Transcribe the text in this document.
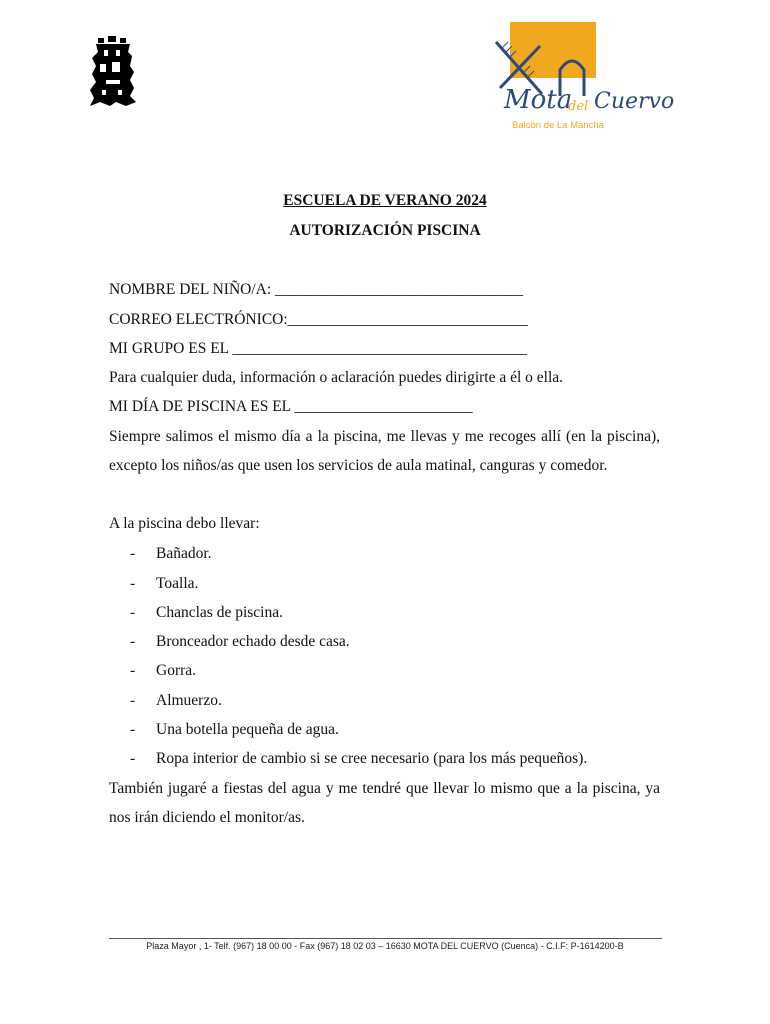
Mota
del Cuervo
Balcón de La Mancha
ESCUELA DE VERANO 2024
AUTORIZACIÓN PISCINA
NOMBRE DEL NIÑO/A: ________________________________
CORREO ELECTRÓNICO:_______________________________
MI GRUPO ES EL ______________________________________
Para cualquier duda, información o aclaración puedes dirigirte a él o ella.
MI DÍA DE PISCINA ES EL _______________________
Siempre salimos el mismo día a la piscina, me llevas y me recoges allí (en la piscina), excepto los niños/as que usen los servicios de aula matinal, canguras y comedor.
A la piscina debo llevar:
- Bañador.
- Toalla.
- Chanclas de piscina.
- Bronceador echado desde casa.
- Gorra.
- Almuerzo.
- Una botella pequeña de agua.
- Ropa interior de cambio si se cree necesario (para los más pequeños).
También jugaré a fiestas del agua y me tendré que llevar lo mismo que a la piscina, ya nos irán diciendo el monitor/as.
Plaza Mayor , 1- Telf. (967) 18 00 00 - Fax (967) 18 02 03 – 16630 MOTA DEL CUERVO (Cuenca) - C.I.F: P-1614200-B
